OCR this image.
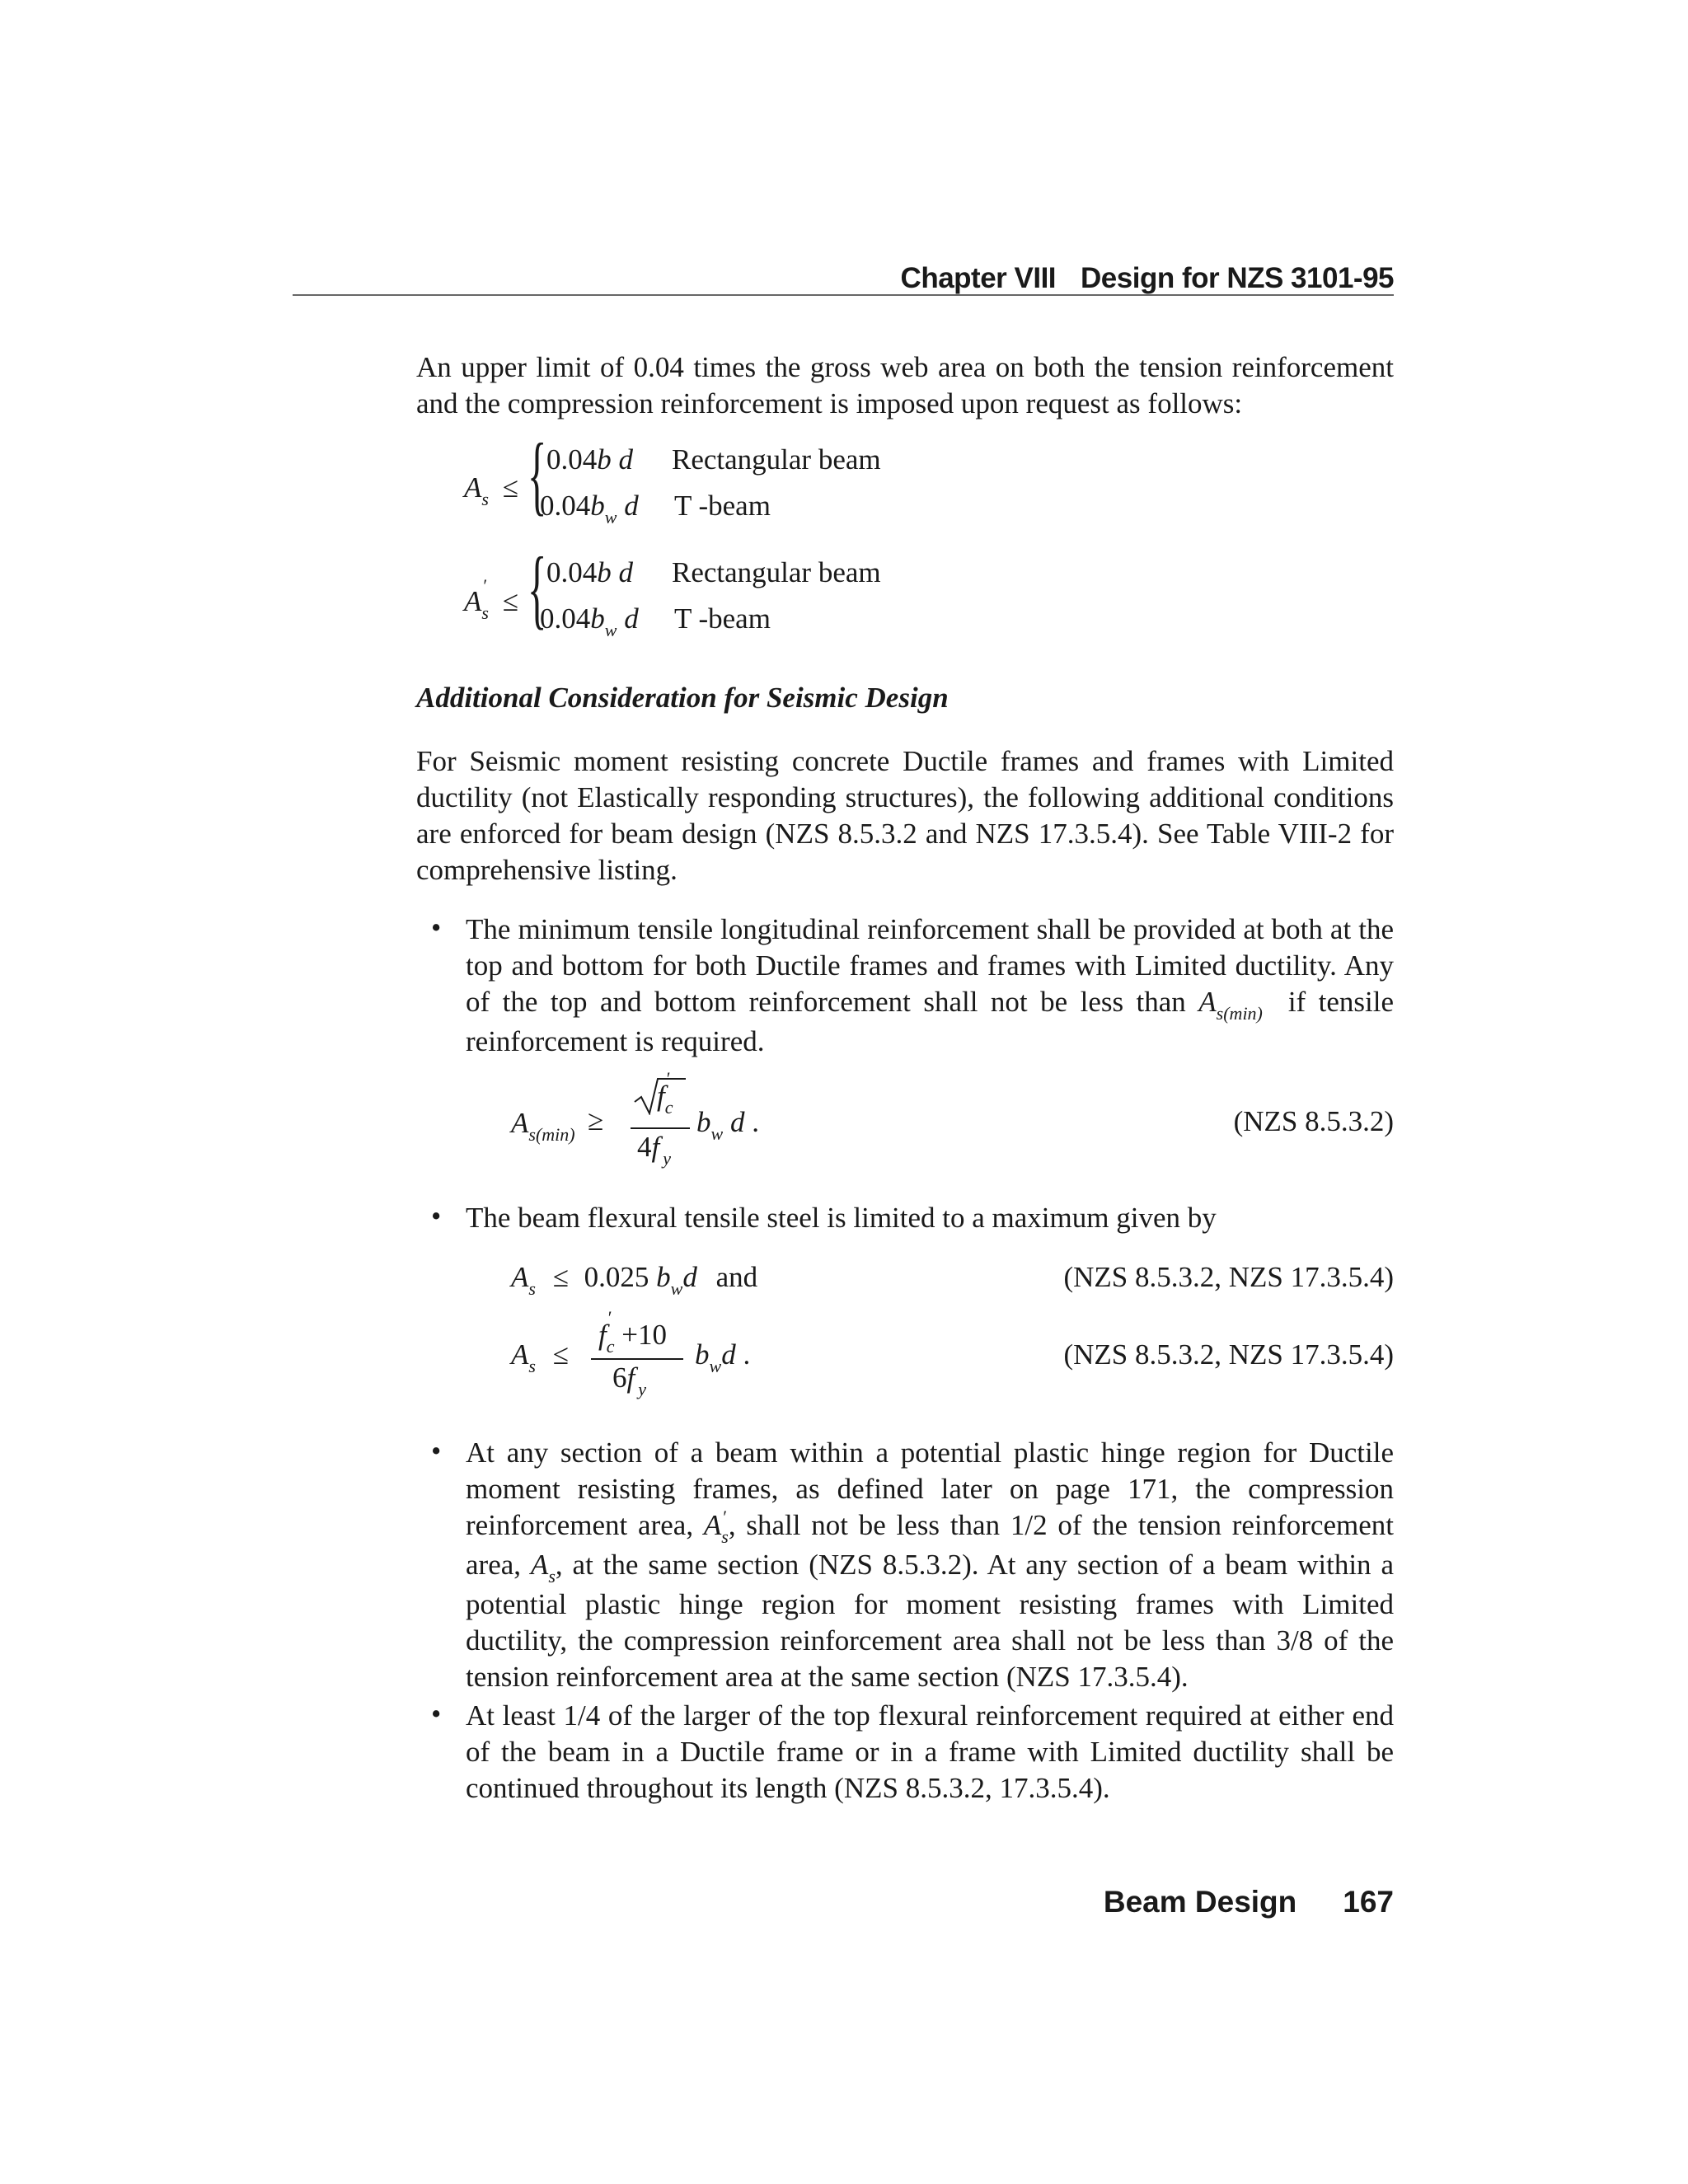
Chapter VIII Design for NZS 3101-95
An upper limit of 0.04 times the gross web area on both the tension reinforcement and the compression reinforcement is imposed upon request as follows:
$A_s$ ≤ { 0.04b d Rectangular beam
$0.04b_w$ d T -beam
A ′
$_s$ ≤ { 0.04b d Rectangular beam
$0.04b_w$ d T -beam
Additional Consideration for Seismic Design
For Seismic moment resisting concrete Ductile frames and frames with Limited ductility (not Elastically responding structures), the following additional conditions are enforced for beam design (NZS 8.5.3.2 and NZS 17.3.5.4). See Table VIII-2 for comprehensive listing.
• The minimum tensile longitudinal reinforcement shall be provided at both at the top and bottom for both Ductile frames and frames with Limited ductility. Any of the top and bottom reinforcement shall not be less than $A_{s(min)}$ if tensile reinforcement is required.
$A_{s(min)}$ ≥
f
′
$_c$
4f $_y$
$b_w$ d .	(NZS 8.5.3.2)
• The beam flexural tensile steel is limited to a maximum given by
$A_s \le 0.025$ $b_wd$ and	(NZS 8.5.3.2, NZS 17.3.5.4)
$A_s$ ≤
f
′
$_c$ +10
6f $_y$
$b_wd$ .	(NZS 8.5.3.2, NZS 17.3.5.4)
• At any section of a beam within a potential plastic hinge region for Ductile moment resisting frames, as defined later on page 171, the compression reinforcement area, A ′
$_s$, shall not be less than 1/2 of the tension reinforcement area, $A_s$, at the same section (NZS 8.5.3.2). At any section of a beam within a potential plastic hinge region for moment resisting frames with Limited ductility, the compression reinforcement area shall not be less than 3/8 of the tension reinforcement area at the same section (NZS 17.3.5.4).
• At least 1/4 of the larger of the top flexural reinforcement required at either end of the beam in a Ductile frame or in a frame with Limited ductility shall be continued throughout its length (NZS 8.5.3.2, 17.3.5.4).
Beam Design 167
